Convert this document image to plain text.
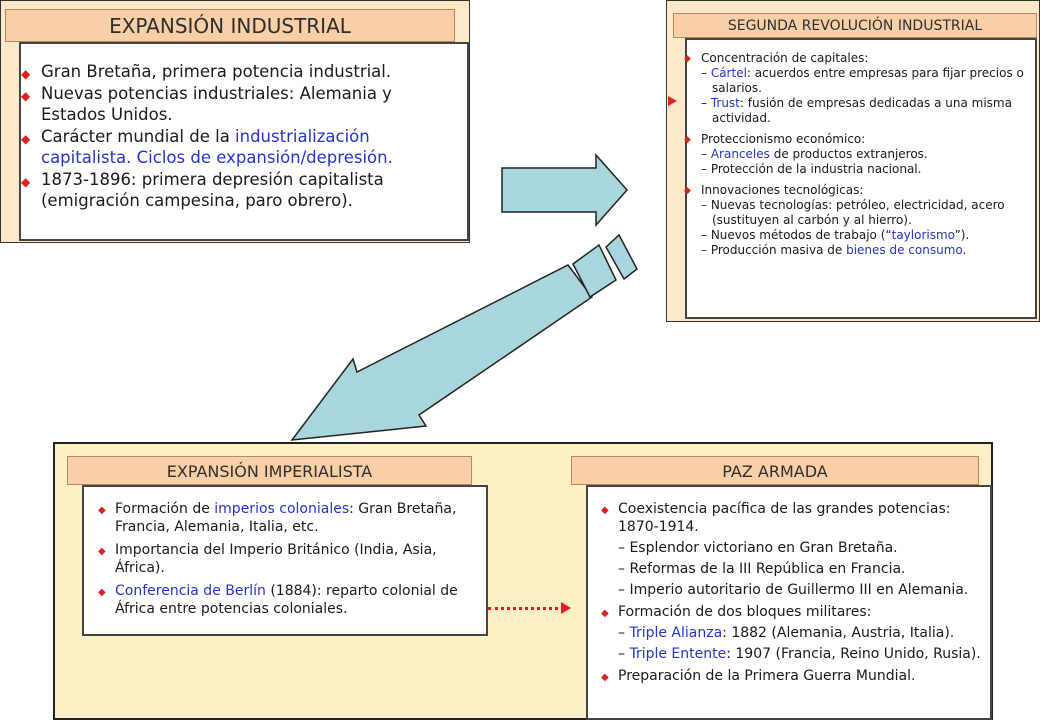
EXPANSIÓN INDUSTRIAL
◆ Gran Bretaña, primera potencia industrial.
◆ Nuevas potencias industriales: Alemania y Estados Unidos.
◆ Carácter mundial de la industrialización capitalista. Ciclos de expansión/depresión.
◆ 1873-1896: primera depresión capitalista (emigración campesina, paro obrero).
SEGUNDA REVOLUCIÓN INDUSTRIAL
◆ Concentración de capitales:
– Cártel: acuerdos entre empresas para fijar precios o salarios.
– Trust: fusión de empresas dedicadas a una misma actividad.
◆ Proteccionismo económico:
– Aranceles de productos extranjeros.
– Protección de la industria nacional.
◆ Innovaciones tecnológicas:
– Nuevas tecnologías: petróleo, electricidad, acero (sustituyen al carbón y al hierro).
– Nuevos métodos de trabajo (“taylorismo”).
– Producción masiva de bienes de consumo.
EXPANSIÓN IMPERIALISTA
◆ Formación de imperios coloniales: Gran Bretaña, Francia, Alemania, Italia, etc.
◆ Importancia del Imperio Británico (India, Asia, África).
◆ Conferencia de Berlín (1884): reparto colonial de África entre potencias coloniales.
PAZ ARMADA
◆ Coexistencia pacífica de las grandes potencias: 1870-1914.
– Esplendor victoriano en Gran Bretaña.
– Reformas de la III República en Francia.
– Imperio autoritario de Guillermo III en Alemania.
◆ Formación de dos bloques militares:
– Triple Alianza: 1882 (Alemania, Austria, Italia).
– Triple Entente: 1907 (Francia, Reino Unido, Rusia).
◆ Preparación de la Primera Guerra Mundial.
